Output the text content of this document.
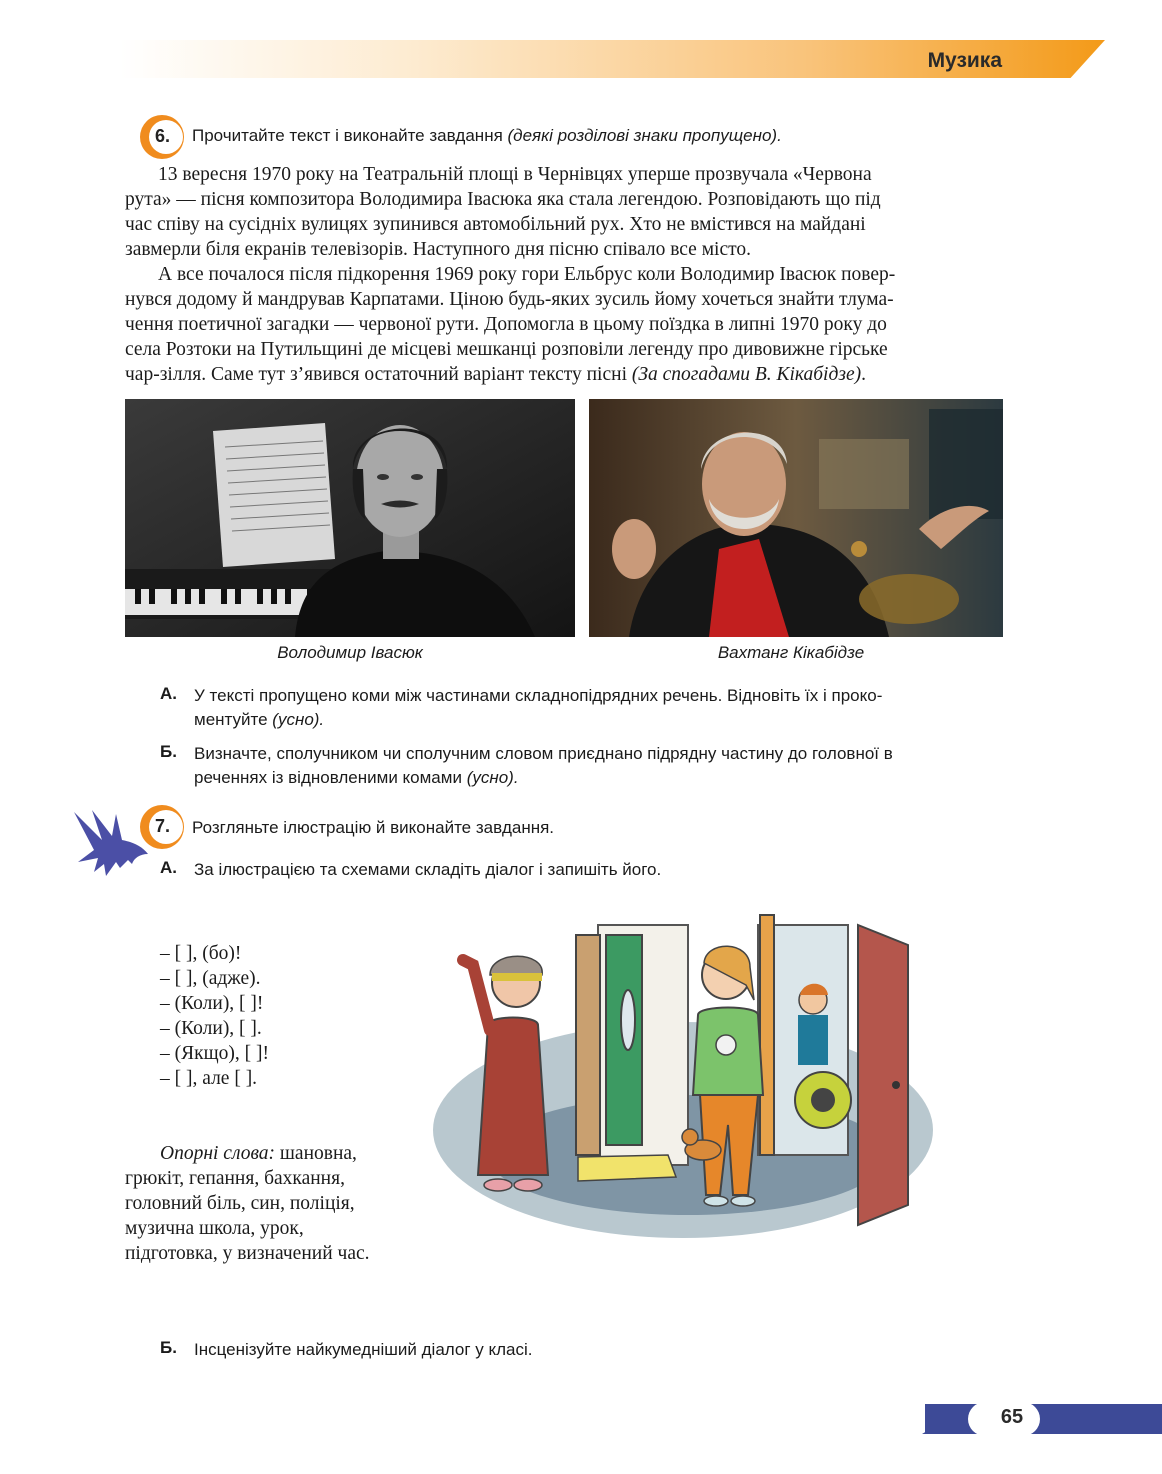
Музика
6. Прочитайте текст і виконайте завдання (деякі розділові знаки пропущено).
13 вересня 1970 року на Театральній площі в Чернівцях уперше прозвучала «Червона
рута» — пісня композитора Володимира Івасюка яка стала легендою. Розповідають що під
час співу на сусідніх вулицях зупинився автомобільний рух. Хто не вмістився на майдані
завмерли біля екранів телевізорів. Наступного дня пісню співало все місто.
А все почалося після підкорення 1969 року гори Ельбрус коли Володимир Івасюк повер-
нувся додому й мандрував Карпатами. Ціною будь-яких зусиль йому хочеться знайти тлума-
чення поетичної загадки — червоної рути. Допомогла в цьому поїздка в липні 1970 року до
села Розтоки на Путильщині де місцеві мешканці розповіли легенду про дивовижне гірське
чар-зілля. Саме тут з’явився остаточний варіант тексту пісні (За спогадами В. Кікабідзе).
Володимир Івасюк	Вахтанг Кікабідзе
А. У тексті пропущено коми між частинами складнопідрядних речень. Відновіть їх і проко-
ментуйте (усно).
Б. Визначте, сполучником чи сполучним словом приєднано підрядну частину до головної в
реченнях із відновленими комами (усно).
7. Розгляньте ілюстрацію й виконайте завдання.
А. За ілюстрацією та схемами складіть діалог і запишіть його.
– [ ], (бо)!
– [ ], (адже).
– (Коли), [ ]!
– (Коли), [ ].
– (Якщо), [ ]!
– [ ], але [ ].
Опорні слова: шановна,
грюкіт, гепання, бахкання,
головний біль, син, поліція,
музична школа, урок,
підготовка, у визначений час.
Б. Інсценізуйте найкумедніший діалог у класі.
65
